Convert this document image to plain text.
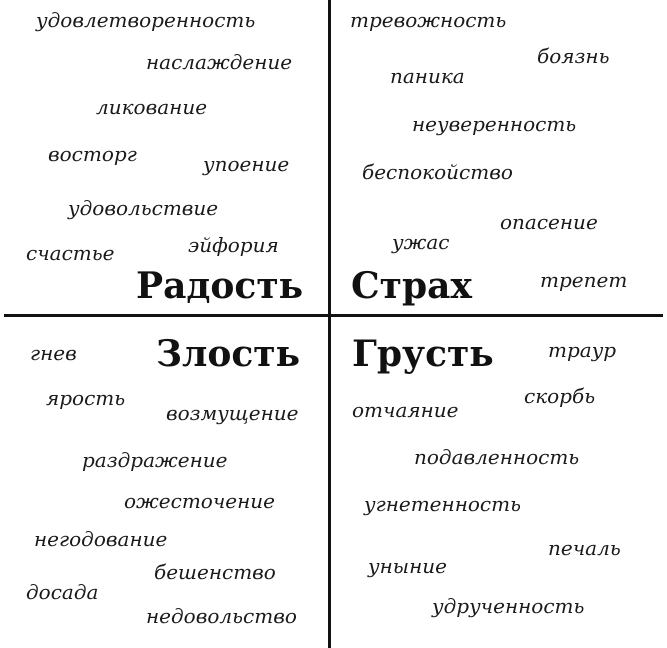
удовлетворенность
наслаждение
ликование
восторг	упоение
удовольствие
счастье	эйфория
Радость
тревожность
боязнь
паника
неуверенность
беспокойство
опасение
ужас
трепет
Страх
гнев
ярость
возмущение
раздражение
ожесточение
негодование
бешенство
досада
недовольство
Злость	траур
скорбь
отчаяние
подавленность
угнетенность
печаль
уныние
удрученность
Грусть
